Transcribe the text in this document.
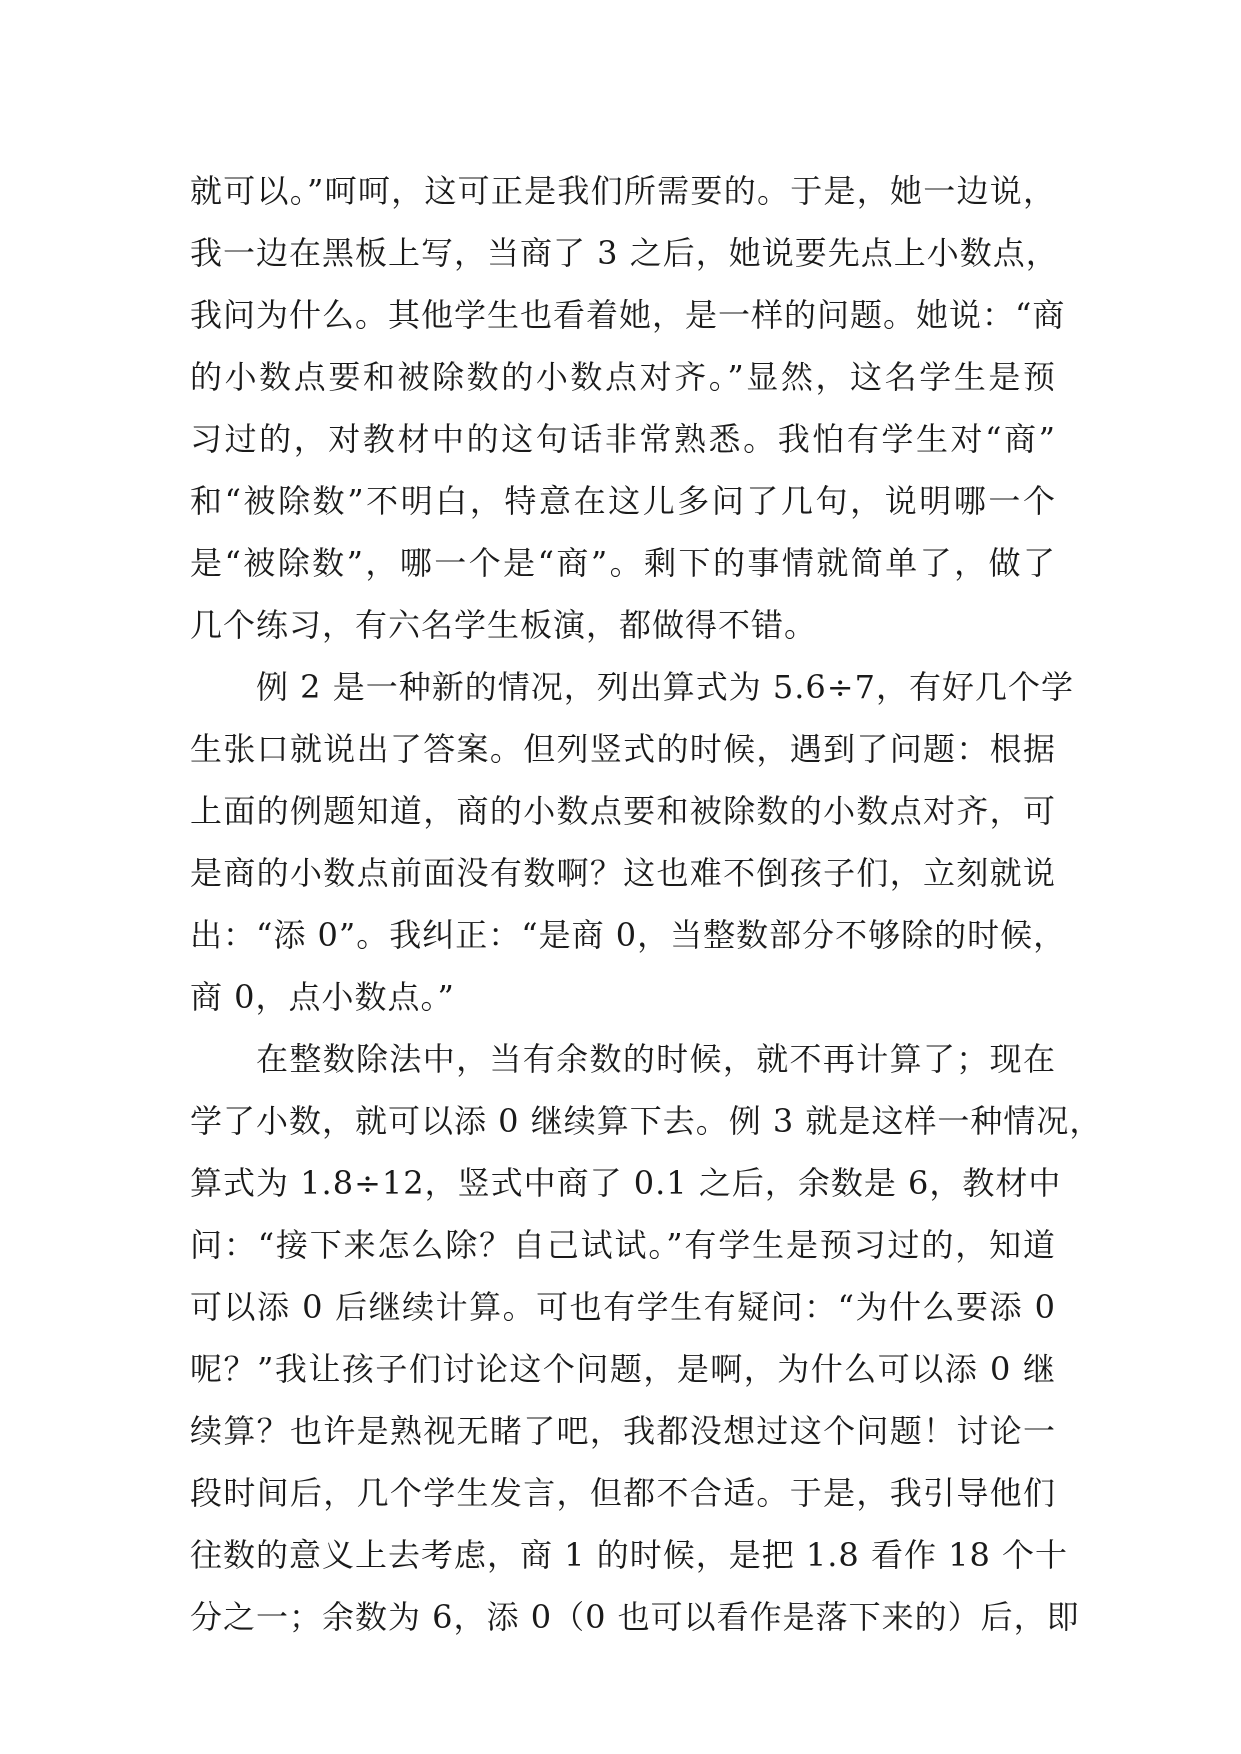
就可以。”呵呵，这可正是我们所需要的。于是，她一边说，
我一边在黑板上写，当商了 3 之后，她说要先点上小数点，
我问为什么。其他学生也看着她，是一样的问题。她说：“商
的小数点要和被除数的小数点对齐。”显然，这名学生是预
习过的，对教材中的这句话非常熟悉。我怕有学生对“商”
和“被除数”不明白，特意在这儿多问了几句，说明哪一个
是“被除数”，哪一个是“商”。剩下的事情就简单了，做了
几个练习，有六名学生板演，都做得不错。
例 2 是一种新的情况，列出算式为 5.6÷7，有好几个学
生张口就说出了答案。但列竖式的时候，遇到了问题：根据
上面的例题知道，商的小数点要和被除数的小数点对齐，可
是商的小数点前面没有数啊？这也难不倒孩子们，立刻就说
出：“添 0”。我纠正：“是商 0，当整数部分不够除的时候，
商 0，点小数点。”
在整数除法中，当有余数的时候，就不再计算了；现在
学了小数，就可以添 0 继续算下去。例 3 就是这样一种情况，
算式为 1.8÷12，竖式中商了 0.1 之后，余数是 6，教材中
问：“接下来怎么除？自己试试。”有学生是预习过的，知道
可以添 0 后继续计算。可也有学生有疑问：“为什么要添 0
呢？”我让孩子们讨论这个问题，是啊，为什么可以添 0 继
续算？也许是熟视无睹了吧，我都没想过这个问题！讨论一
段时间后，几个学生发言，但都不合适。于是，我引导他们
往数的意义上去考虑，商 1 的时候，是把 1.8 看作 18 个十
分之一；余数为 6，添 0（0 也可以看作是落下来的）后，即
